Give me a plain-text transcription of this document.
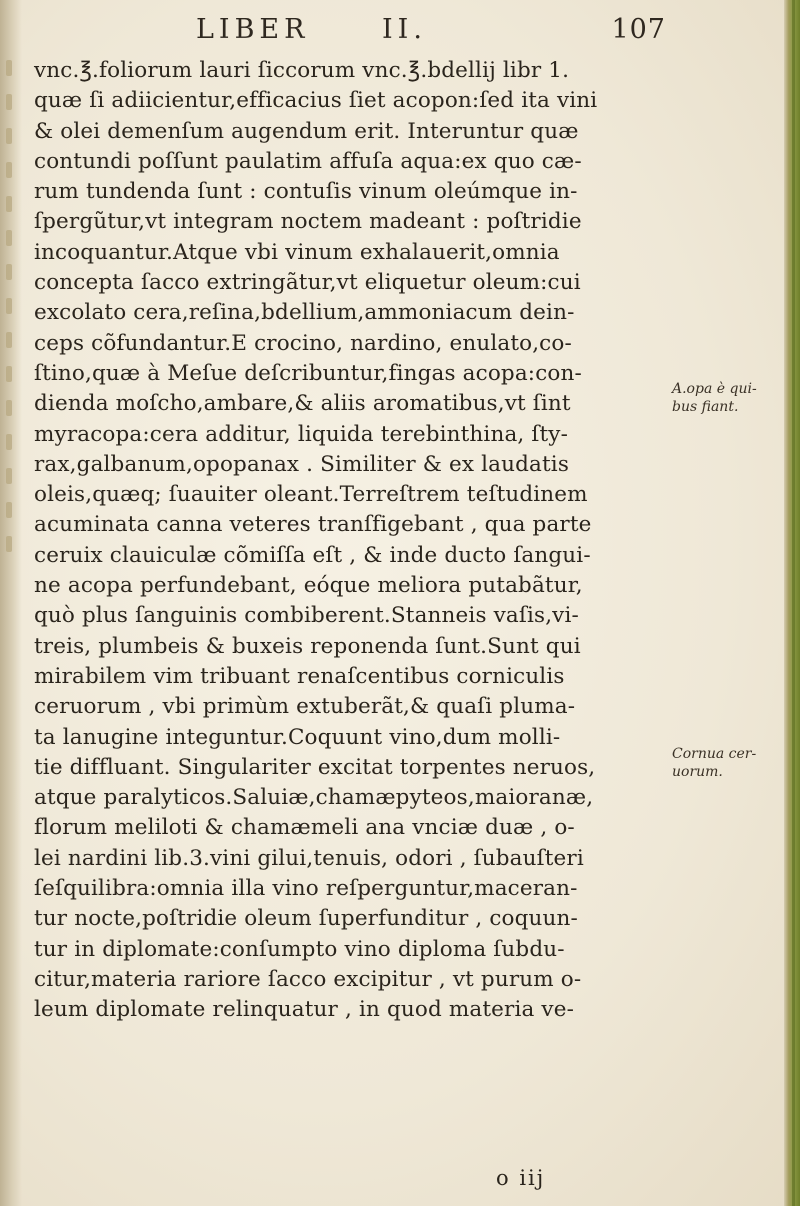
LIBER	II.	107
vnc.℥.foliorum lauri ſiccorum vnc.℥.bdellij libr 1.
quæ ſi adiicientur,efficacius ſiet acopon:ſed ita vini
& olei demenſum augendum erit. Interuntur quæ
contundi poſſunt paulatim affuſa aqua:ex quo cæ-
rum tundenda ſunt : contuſis vinum oleúmque in-
ſpergũtur,vt integram noctem madeant : poſtridie
incoquantur.Atque vbi vinum exhalauerit,omnia
concepta ſacco extringãtur,vt eliquetur oleum:cui
excolato cera,reſina,bdellium,ammoniacum dein-
ceps cõfundantur.E crocino, nardino, enulato,co-
ſtino,quæ à Meſue deſcribuntur,fingas acopa:con-
dienda moſcho,ambare,& aliis aromatibus,vt ſint
myracopa:cera additur, liquida terebinthina, ſty-
rax,galbanum,opopanax . Similiter & ex laudatis
oleis,quæq; ſuauiter oleant.Terreſtrem teſtudinem
acuminata canna veteres tranſfigebant , qua parte
ceruix clauiculæ cõmiſſa eſt , & inde ducto ſangui-
ne acopa perfundebant, eóque meliora putabãtur,
quò plus ſanguinis combiberent.Stanneis vaſis,vi-
treis, plumbeis & buxeis reponenda ſunt.Sunt qui
mirabilem vim tribuant renaſcentibus corniculis
ceruorum , vbi primùm extuberãt,& quaſi pluma-
ta lanugine integuntur.Coquunt vino,dum molli-
tie diffluant. Singulariter excitat torpentes neruos,
atque paralyticos.Saluiæ,chamæpyteos,maioranæ,
florum meliloti & chamæmeli ana vnciæ duæ , o-
lei nardini lib.3.vini gilui,tenuis, odori , ſubauſteri
ſeſquilibra:omnia illa vino reſperguntur,maceran-
tur nocte,poſtridie oleum ſuperfunditur , coquun-
tur in diplomate:conſumpto vino diploma ſubdu-
citur,materia rariore ſacco excipitur , vt purum o-
leum diplomate relinquatur , in quod materia ve-
A.opa è qui-
bus fiant.
Cornua cer-
uorum.
o iij
